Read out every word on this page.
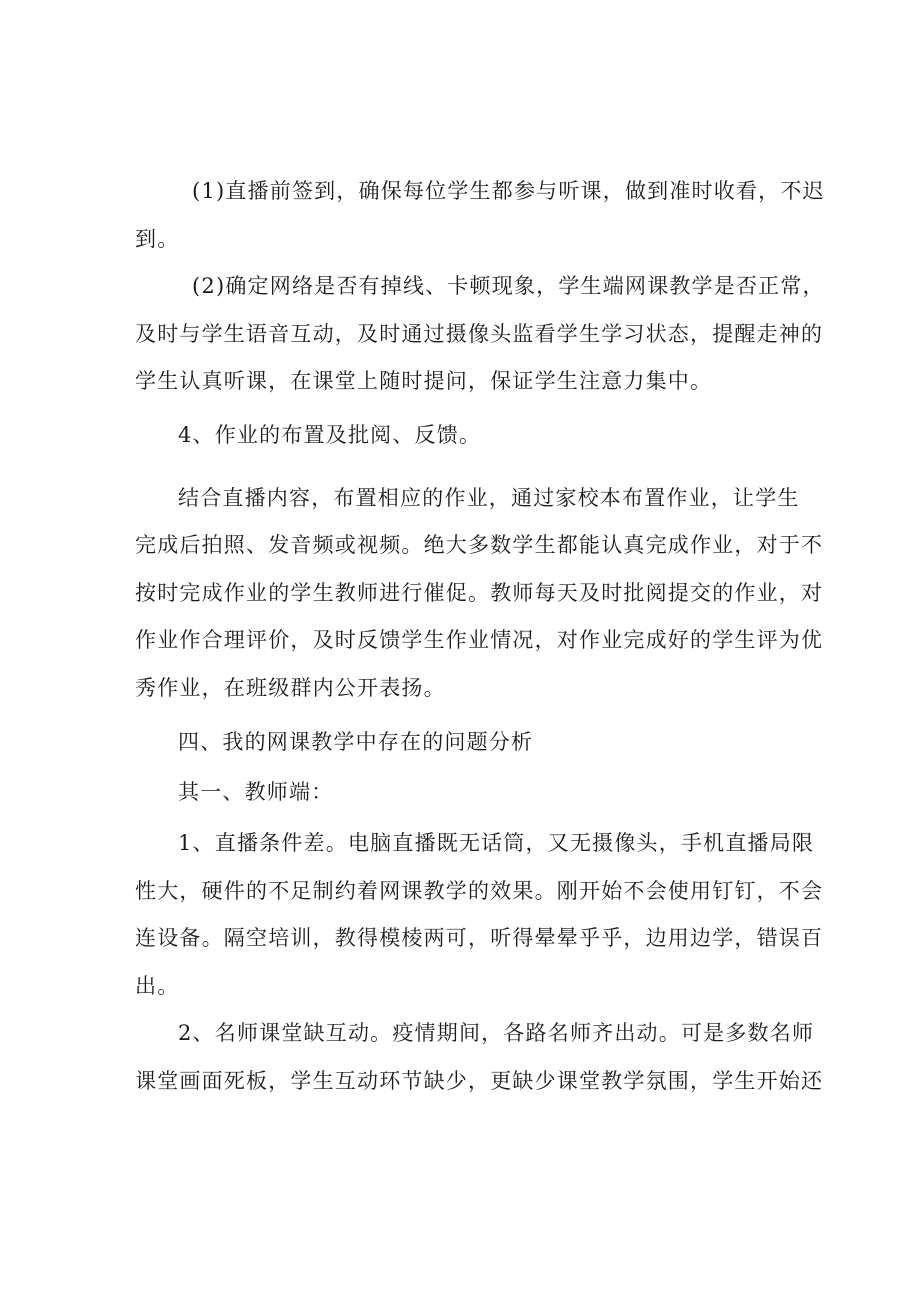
(1)直播前签到，确保每位学生都参与听课，做到准时收看，不迟
到。
(2)确定网络是否有掉线、卡顿现象，学生端网课教学是否正常，
及时与学生语音互动，及时通过摄像头监看学生学习状态，提醒走神的
学生认真听课，在课堂上随时提问，保证学生注意力集中。
4、作业的布置及批阅、反馈。
结合直播内容，布置相应的作业，通过家校本布置作业，让学生
完成后拍照、发音频或视频。绝大多数学生都能认真完成作业，对于不
按时完成作业的学生教师进行催促。教师每天及时批阅提交的作业，对
作业作合理评价，及时反馈学生作业情况，对作业完成好的学生评为优
秀作业，在班级群内公开表扬。
四、我的网课教学中存在的问题分析
其一、教师端：
1、直播条件差。电脑直播既无话筒，又无摄像头，手机直播局限
性大，硬件的不足制约着网课教学的效果。刚开始不会使用钉钉，不会
连设备。隔空培训，教得模棱两可，听得晕晕乎乎，边用边学，错误百
出。
2、名师课堂缺互动。疫情期间，各路名师齐出动。可是多数名师
课堂画面死板，学生互动环节缺少，更缺少课堂教学氛围，学生开始还
